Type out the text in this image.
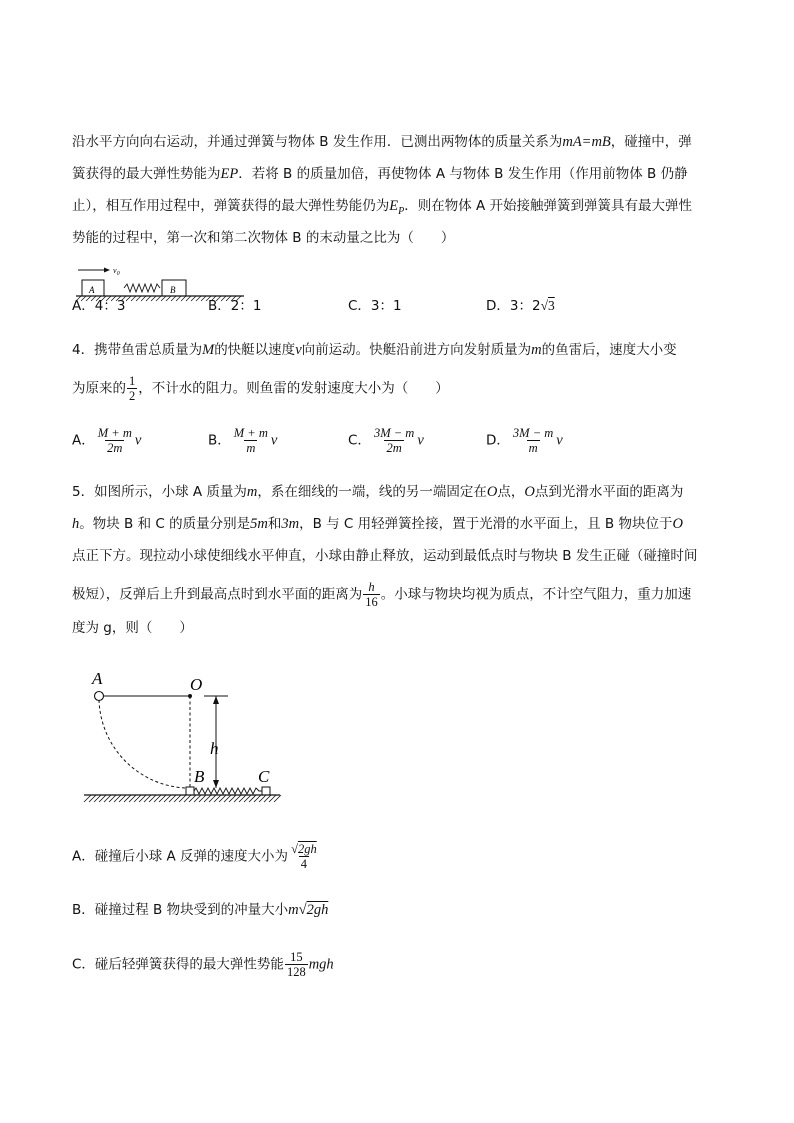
沿水平方向向右运动，并通过弹簧与物体 B 发生作用．已测出两物体的质量关系为mA=mB，碰撞中，弹
簧获得的最大弹性势能为EP．若将 B 的质量加倍，再使物体 A 与物体 B 发生作用（作用前物体 B 仍静
止），相互作用过程中，弹簧获得的最大弹性势能仍为$E_P$．则在物体 A 开始接触弹簧到弹簧具有最大弹性
势能的过程中，第一次和第二次物体 B 的末动量之比为（　　）
$v_0$
A	B
A．4：3	B．2：1	C．3：1	D．3：2√3
4．携带鱼雷总质量为M的快艇以速度v向前运动。快艇沿前进方向发射质量为m的鱼雷后，速度大小变
为原来的 $\frac{1}{2}$ ，不计水的阻力。则鱼雷的发射速度大小为（　　）
A． $\frac{M + m}{2m}$ v	B． $\frac{M + m}{m}$ v	C． $\frac{3M - m}{2m}$ v	D． $\frac{3M - m}{m}$ v
5．如图所示，小球 A 质量为m，系在细线的一端，线的另一端固定在O点，O点到光滑水平面的距离为
h。物块 B 和 C 的质量分别是5m和3m，B 与 C 用轻弹簧拴接，置于光滑的水平面上，且 B 物块位于O
点正下方。现拉动小球使细线水平伸直，小球由静止释放，运动到最低点时与物块 B 发生正碰（碰撞时间
极短），反弹后上升到最高点时到水平面的距离为 $\frac{h}{16}$ 。小球与物块均视为质点，不计空气阻力，重力加速
度为 g，则（　　）
A	O
h
B	C
A．碰撞后小球 A 反弹的速度大小为 $\frac{√2gh}{4}$
B．碰撞过程 B 物块受到的冲量大小m√2gh
C．碰后轻弹簧获得的最大弹性势能 $\frac{15}{128}$ mgh
